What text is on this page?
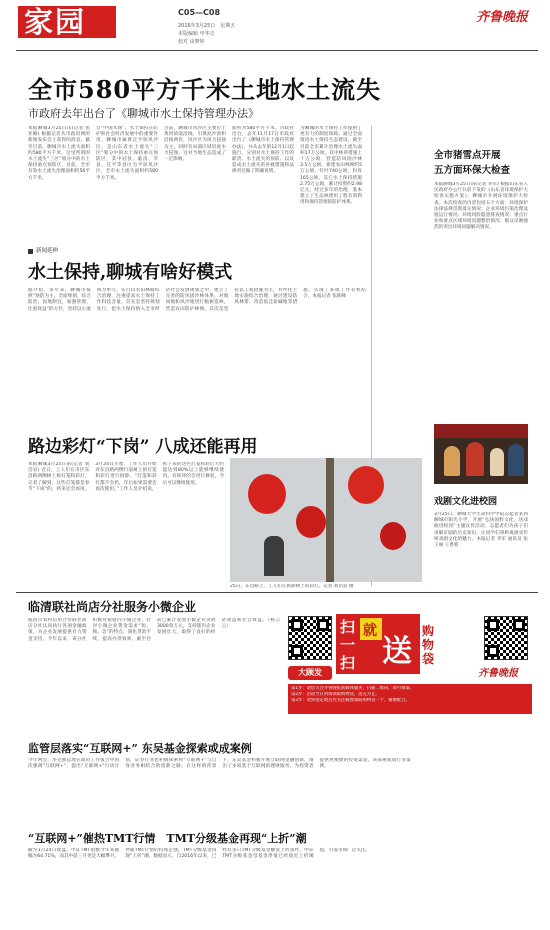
家园	C05—C08
2016年3月25日　星期五
本版编辑 申华音
校对 由梦婷
齐鲁晚报
全市580平方千米土地水土流失
市政府去年出台了《聊城市水土保持管理办法》
本报聊城3月25日讯(记者 张亚楠) 根据记者从市政府网的新闻发布会上获得的消息，截至目前，聊城市水土流失面积约580平方千米。这里所谓的水土流失“三区”划分中的水土保持重点预防区，目前，全市有效水土流失治理面积约56平方千米。
自“中国水保”。水土保持在防护和社会经济发展中的重要作用，聊城市属黄泛平原风沙区，是山东省水土流失“三区”划分中的水土保持重点预防区，其中冠县、临清、莘县、茌平等县区为平原风沙区，全市水土流失面积约580平方千米。
目前，聊城市风沙区主要位于黄河故道沿线，引黄泥沙淤积沿线两岸，风沙区为风力侵蚀为主，同时有局部区域轻度水力侵蚀，这对当地生态造成了一定影响。
面积为580平方千米。市政府出台，去年11月17日市政府出台了《聊城市水土保持管理办法》，并从去年的12月1日起施行，分别对水土保持工作的职责、水土流失的预防、以及造成水土流失的补救措施和法律责任做了明确说明。
为聊城的水土保持工作提供了更有力的制度保障。通过全面推进水土保持生态建设，截至目前全市累计治理水土流失面积17万公顷，其中林草措施上十万公顷，营造防风固沙林3.5万公顷，新建农田林网约5万公顷，针叶740公顷，封育165公顷，其它水土保持措施2.75万公顷，累计投资约2.98亿元，经过多年的治理，基本建立了生态林建用工程有效利用和保持管理的防护体系。
新闻延伸
水土保持,聊城有啥好模式
据介绍，多年来，聊城市按照“预防为主，全面规划，综合防治，因地制宜，加强管理，注重效益”的方针，坚持以小流域为单元，实行山水田林路综合治理，注重提高水土保持工作科技含量。首先是坚持规划先行，把水土保持纳入全市经济社会发展规划之中，建立了完善的防风固沙林体系，对坡岗地和风沙地进行植树造林，营造农田防护林网。其次是坚持以工程措施为主，对沙化土地实施综合治理，通过建设防风林带、改造低洼盐碱地等措施，实现了多项工作有机结合。本报记者 张跃峰
全市猪雪点开展
五方面环保大检查
本报聊城3月25日讯(记者 李军) 根据山东省人民政府办公厅日前下发的《山东省环境保护大检查实施方案》，聊城市开展环境保护大检查。本次检查的内容包括五个方面：环境保护法律法规贯彻落实情况；企业环境污染治理设施运行情况；环境风险隐患排查情况；重点行业和重点区域环境问题整治情况；群众反映强烈的突出环境问题解决情况。
戏剧文化进校园
3月25日，聊城大学生命科学学院志愿者来到聊城市阳光小学，开展“弘扬国粹文化，送戏曲进校园”主题宣传活动。志愿者们为孩子们讲解京剧的历史知识，让同学们零距离感受传统戏剧文化的魅力。本报记者 李军 通讯员 张王丽 王香蓉
路边彩灯“下岗” 八成还能再用
本报聊城3月25日讯(记者 刘岱岩) 近日，工人们在市区东昌路两侧树上拆灯笼和彩灯，记者了解到，这些灯笼都是春节“下岗”的，将来还会再用。3月24日开始，工作人员开始对东昌路两侧行道树上的灯笼和彩灯进行拆除。“灯笼和彩灯都不会扔，年后如果需要会再次使用。”工作人员介绍说，拆下来的这些灯笼和彩灯大约能达到80%以上能够继续使用，有损坏的会进行修复，今后可以继续使用。
25日，东昌路上，工人们在拆卸树上的彩灯。记者 刘岱岩 摄
临清联社尚店分社服务小微企业
临清市农村信用合作联社尚店分社认真执行各项金融政策，为企业发展提供有力资金支持。今年以来，该分社积极对接辖内小微企业，针对小微企业资金需求“短、频、急”的特点，简化贷款手续，提高办贷效率，截至目前已累计发放小微企业贷款3000余万元，支持辖内企业发展壮大，取得了良好的经济效益和社会效益。（杨云云）	扫
一
扫
就
送
购物袋
大顾发	齐鲁晚报
第1步：请您关注齐鲁晚报新媒体服务，扫描二维码，即可领取。
第2步：活动当日到场领取购物袋，送完为止。
第3步：请到指定地点凭关注截图领取购物袋一个，谢谢配合。
监管层落实“互联网+” 东吴基金探索或成案例
今年两会，李克强总理在政府工作报告中再次强调“互联网+”，提出“互联网+”行动计划，证券行业也积极探索将“互联网+”与自身业务相结合的创新之路。在这样的背景下，东吴基金积极开展互联网金融创新，推出了多项基于互联网的理财服务，为投资者提供更便捷的投资渠道，该探索或成行业案例。
“互联网+”催热TMT行情　TMT分级基金再现“上折”潮
截至3月24日收盘，中证TMT指数今年来涨幅为64.71%，而其中前三月更是大幅攀升。伴随TMT行情的持续走强，TMT分级基金再现“上折”潮。数据显示，自2016年以来，已经有多只TMT分级基金触发上折条件，中证TMT分级基金母基金净值已经接近上折阈值，引发市场广泛关注。
